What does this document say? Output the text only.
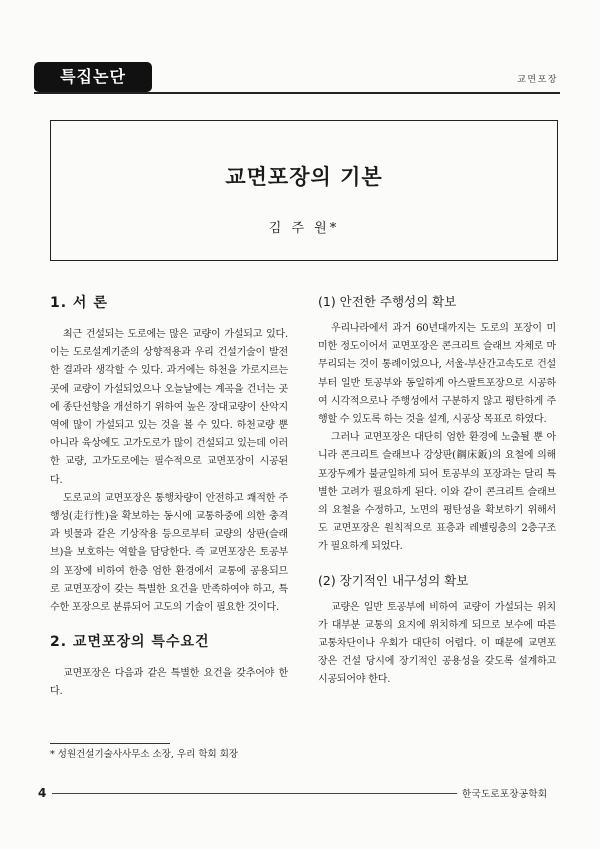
특집논단	교면포장
교면포장의 기본
김 주 원*
1. 서 론

최근 건설되는 도로에는 많은 교량이 가설되고 있다. 이는 도로설계기준의 상향적용과 우리 건설기술이 발전한 결과라 생각할 수 있다. 과거에는 하천을 가로지르는 곳에 교량이 가설되었으나 오늘날에는 계곡을 건너는 곳에 종단선향을 개선하기 위하여 높은 장대교량이 산악지역에 많이 가설되고 있는 것을 볼 수 있다. 하천교량 뿐 아니라 육상에도 고가도로가 많이 건설되고 있는데 이러한 교량, 고가도로에는 필수적으로 교면포장이 시공된다.

도로교의 교면포장은 통행차량이 안전하고 쾌적한 주행성(走行性)을 확보하는 동시에 교통하중에 의한 충격과 빗물과 같은 기상작용 등으로부터 교량의 상판(슬래브)을 보호하는 역할을 담당한다. 즉 교면포장은 토공부의 포장에 비하여 한층 엄한 환경에서 교통에 공용되므로 교면포장이 갖는 특별한 요건을 만족하여야 하고, 특수한 포장으로 분류되어 고도의 기술이 필요한 것이다.

2. 교면포장의 특수요건

교면포장은 다음과 같은 특별한 요건을 갖추어야 한다.

(1) 안전한 주행성의 확보

우리나라에서 과거 60년대까지는 도로의 포장이 미미한 정도이어서 교면포장은 콘크리트 슬래브 자체로 마무리되는 것이 통례이었으나, 서울-부산간고속도로 건설부터 일반 토공부와 동일하게 아스팔트포장으로 시공하여 시각적으로나 주행성에서 구분하지 않고 평탄하게 주행할 수 있도록 하는 것을 설계, 시공상 목표로 하였다.

그러나 교면포장은 대단히 엄한 환경에 노출될 뿐 아니라 콘크리트 슬래브나 강상판(鋼床鈑)의 요철에 의해 포장두께가 불균일하게 되어 토공부의 포장과는 달리 특별한 고려가 필요하게 된다. 이와 같이 콘크리트 슬래브의 요철을 수정하고, 노면의 평탄성을 확보하기 위해서도 교면포장은 원칙적으로 표층과 레벨링층의 2층구조가 필요하게 되었다.

(2) 장기적인 내구성의 확보

교량은 일반 토공부에 비하여 교량이 가설되는 위치가 대부분 교통의 요지에 위치하게 되므로 보수에 따른 교통차단이나 우회가 대단히 어렵다. 이 때문에 교면포장은 건설 당시에 장기적인 공용성을 갖도록 설계하고 시공되어야 한다.

* 성원건설기술사사무소 소장, 우리 학회 회장
4	한국도로포장공학회
